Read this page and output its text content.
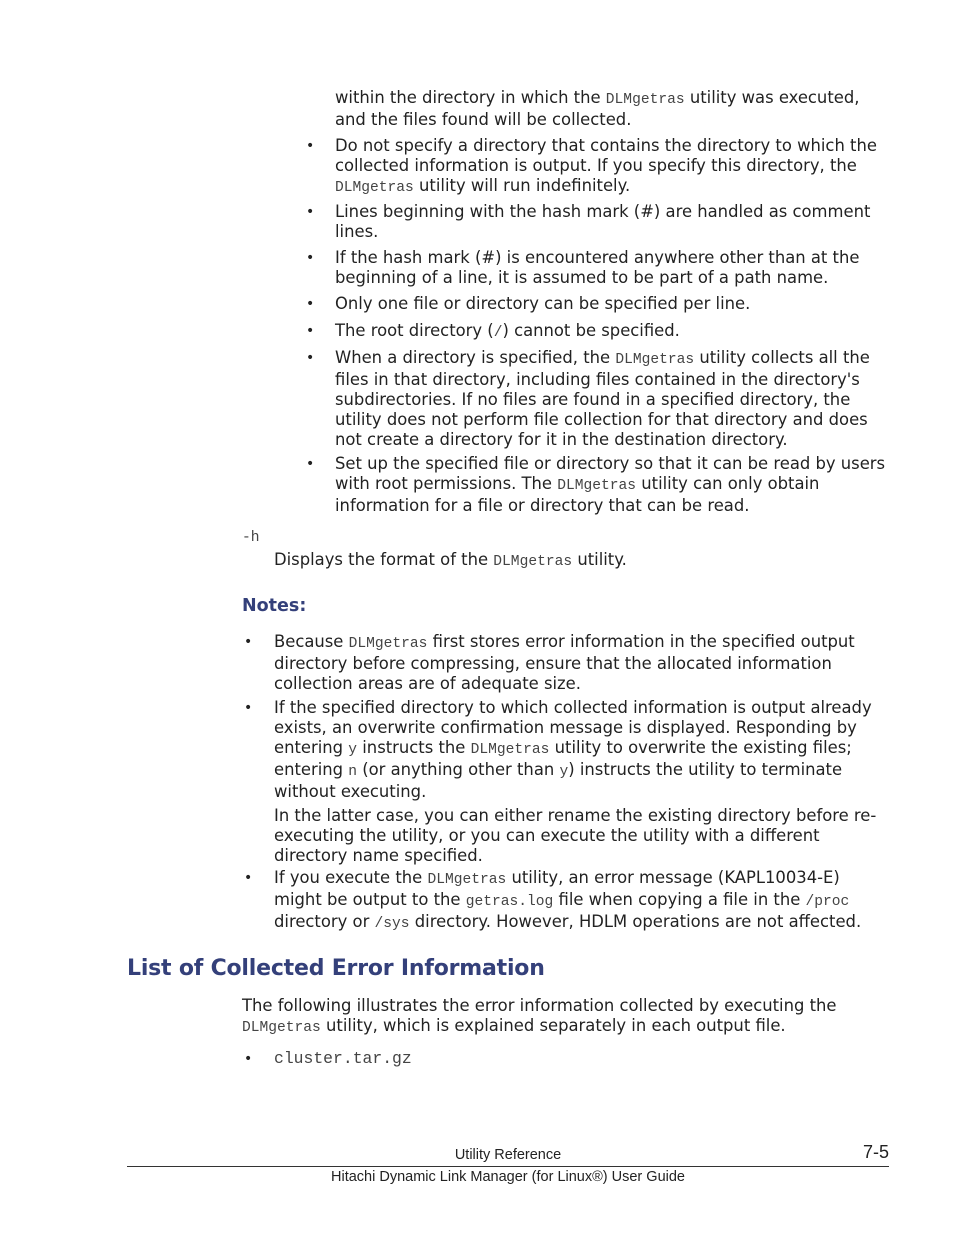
within the directory in which the DLMgetras utility was executed,

and the files found will be collected.

• Do not specify a directory that contains the directory to which the

collected information is output. If you specify this directory, the

DLMgetras utility will run indefinitely.

• Lines beginning with the hash mark (#) are handled as comment

lines.

• If the hash mark (#) is encountered anywhere other than at the

beginning of a line, it is assumed to be part of a path name.

• Only one file or directory can be specified per line.

• The root directory (/) cannot be specified.

• When a directory is specified, the DLMgetras utility collects all the

files in that directory, including files contained in the directory's

subdirectories. If no files are found in a specified directory, the

utility does not perform file collection for that directory and does

not create a directory for it in the destination directory.

• Set up the specified file or directory so that it can be read by users

with root permissions. The DLMgetras utility can only obtain

information for a file or directory that can be read.

-h

Displays the format of the DLMgetras utility.

Notes:
• Because DLMgetras first stores error information in the specified output

directory before compressing, ensure that the allocated information

collection areas are of adequate size.

• If the specified directory to which collected information is output already

exists, an overwrite confirmation message is displayed. Responding by

entering y instructs the DLMgetras utility to overwrite the existing files;

entering n (or anything other than y) instructs the utility to terminate

without executing.

In the latter case, you can either rename the existing directory before re-

executing the utility, or you can execute the utility with a different

directory name specified.

• If you execute the DLMgetras utility, an error message (KAPL10034-E)

might be output to the getras.log file when copying a file in the /proc

directory or /sys directory. However, HDLM operations are not affected.

List of Collected Error Information

The following illustrates the error information collected by executing the

DLMgetras utility, which is explained separately in each output file.

• cluster.tar.gz
Utility Reference	7-5
Hitachi Dynamic Link Manager (for Linux®) User Guide
